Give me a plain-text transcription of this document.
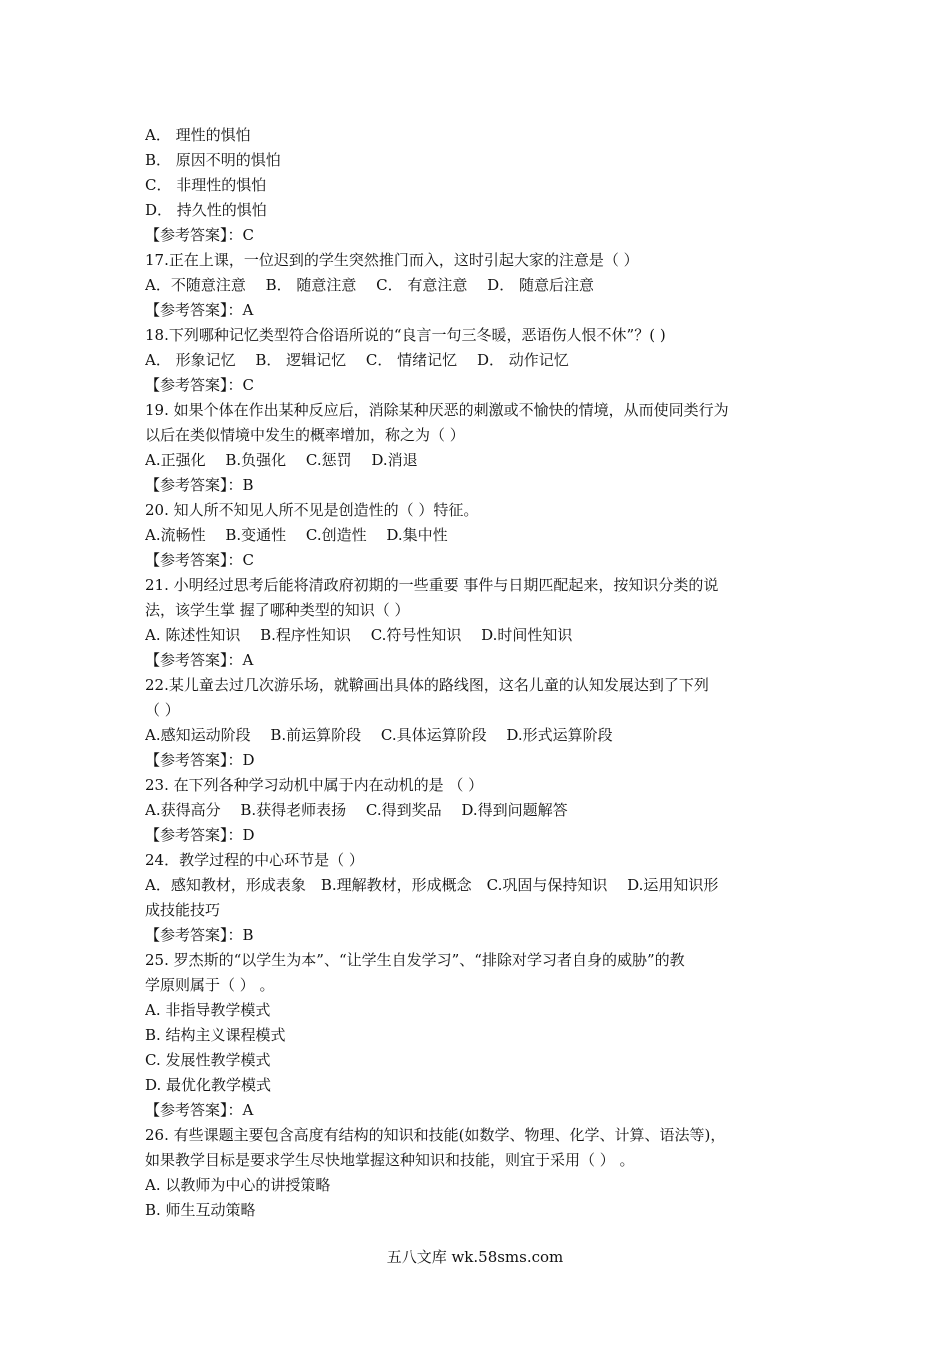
A． 理性的惧怕
B． 原因不明的惧怕
C． 非理性的惧怕
D． 持久性的惧怕
【参考答案】：C
17.正在上课，一位迟到的学生突然推门而入，这时引起大家的注意是（ ）
A．不随意注意　 B． 随意注意　 C． 有意注意　 D． 随意后注意
【参考答案】：A
18.下列哪种记忆类型符合俗语所说的“良言一句三冬暖，恶语伤人恨不休”？( )
A． 形象记忆　 B． 逻辑记忆　 C． 情绪记忆　 D． 动作记忆
【参考答案】：C
19. 如果个体在作出某种反应后，消除某种厌恶的刺激或不愉快的情境，从而使同类行为
以后在类似情境中发生的概率增加，称之为（ ）
A.正强化　 B.负强化　 C.惩罚　 D.消退
【参考答案】：B
20. 知人所不知见人所不见是创造性的（ ）特征。
A.流畅性　 B.变通性　 C.创造性　 D.集中性
【参考答案】：C
21. 小明经过思考后能将清政府初期的一些重要 事件与日期匹配起来，按知识分类的说
法，该学生掌 握了哪种类型的知识（ ）
A. 陈述性知识　 B.程序性知识　 C.符号性知识　 D.时间性知识
【参考答案】：A
22.某儿童去过几次游乐场，就鞥画出具体的路线图，这名儿童的认知发展达到了下列
（ ）
A.感知运动阶段　 B.前运算阶段　 C.具体运算阶段　 D.形式运算阶段
【参考答案】：D
23. 在下列各种学习动机中属于内在动机的是 （ ）
A.获得高分　 B.获得老师表扬　 C.得到奖品　 D.得到问题解答
【参考答案】：D
24．教学过程的中心环节是（ ）
A．感知教材，形成表象　B.理解教材，形成概念　C.巩固与保持知识　 D.运用知识形
成技能技巧
【参考答案】：B
25. 罗杰斯的“以学生为本”、“让学生自发学习”、“排除对学习者自身的威胁”的教
学原则属于（ ） 。
A. 非指导教学模式
B. 结构主义课程模式
C. 发展性教学模式
D. 最优化教学模式
【参考答案】：A
26. 有些课题主要包含高度有结构的知识和技能(如数学、物理、化学、计算、语法等)，
如果教学目标是要求学生尽快地掌握这种知识和技能，则宜于采用（ ） 。
A. 以教师为中心的讲授策略
B. 师生互动策略
五八文库 wk.58sms.com
